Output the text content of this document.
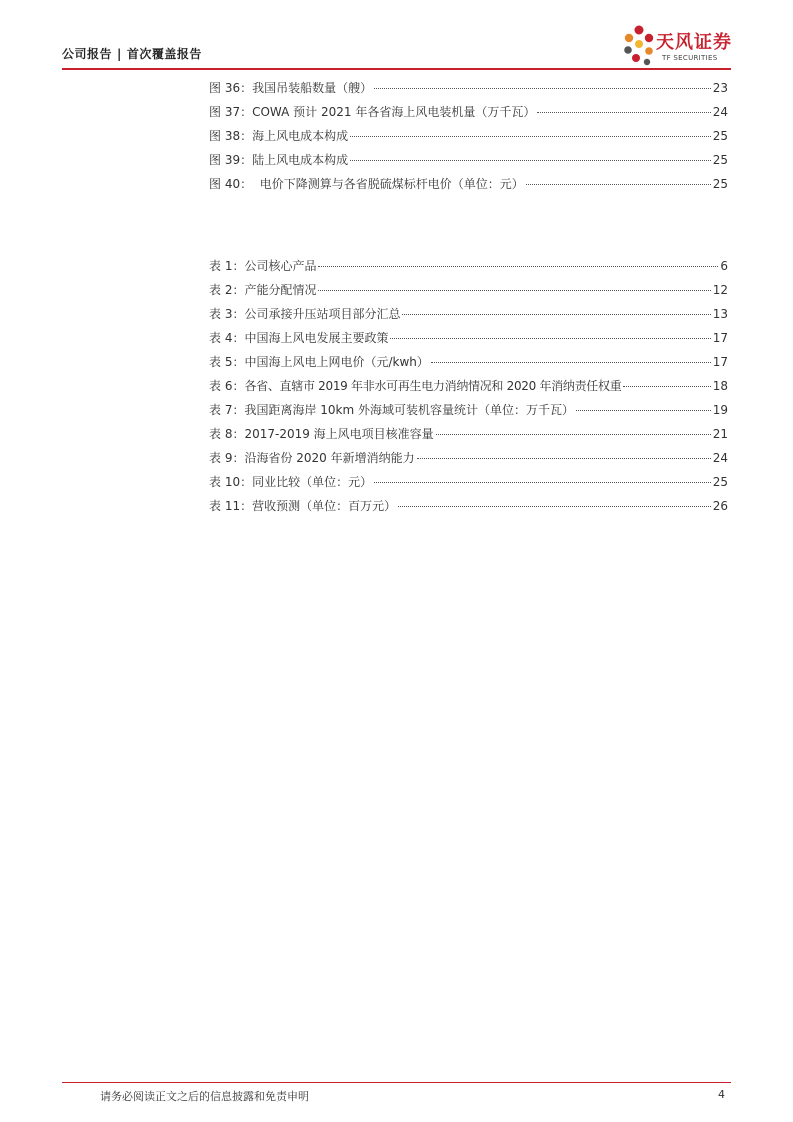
公司报告 | 首次覆盖报告
天风证券
TF SECURITIES
图 36： 我国吊装船数量（艘）	23
图 37： COWA 预计 2021 年各省海上风电装机量（万千瓦）	24
图 38： 海上风电成本构成	25
图 39： 陆上风电成本构成	25
图 40： 电价下降测算与各省脱硫煤标杆电价（单位：元）	25
表 1： 公司核心产品	6
表 2： 产能分配情况	12
表 3： 公司承接升压站项目部分汇总	13
表 4： 中国海上风电发展主要政策	17
表 5： 中国海上风电上网电价（元/kwh）	17
表 6： 各省、直辖市 2019 年非水可再生电力消纳情况和 2020 年消纳责任权重	18
表 7： 我国距离海岸 10km 外海域可装机容量统计（单位：万千瓦）	19
表 8： 2017-2019 海上风电项目核准容量	21
表 9： 沿海省份 2020 年新增消纳能力	24
表 10： 同业比较（单位：元）	25
表 11： 营收预测（单位：百万元）	26
请务必阅读正文之后的信息披露和免责申明	4
